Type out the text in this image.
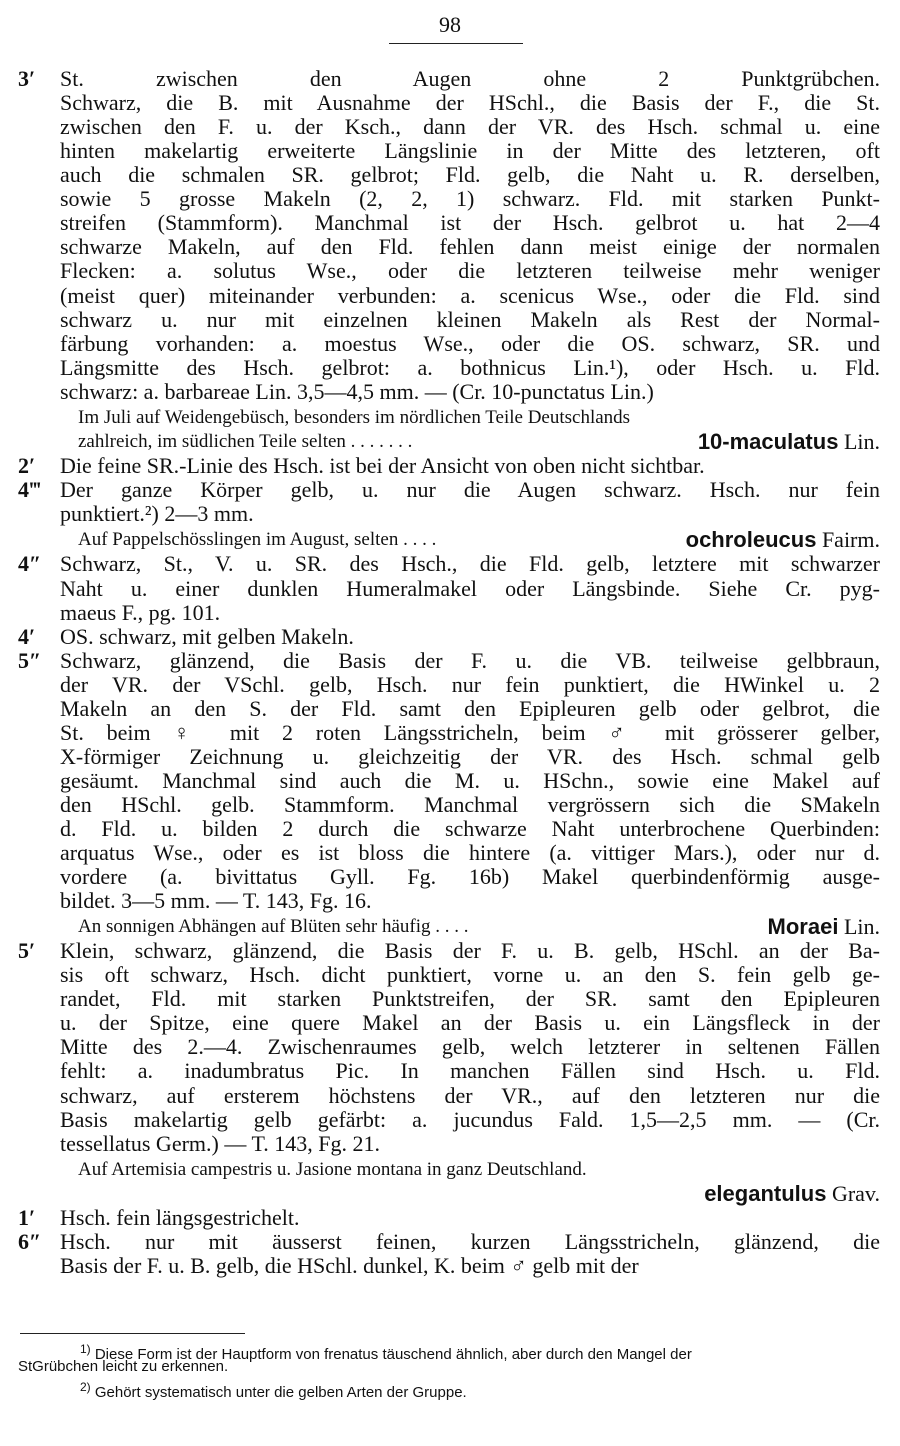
98
3′ St. zwischen den Augen ohne 2 Punktgrübchen.
Schwarz, die B. mit Ausnahme der HSchl., die Basis der F., die St.
zwischen den F. u. der Ksch., dann der VR. des Hsch. schmal u. eine
hinten makelartig erweiterte Längslinie in der Mitte des letzteren, oft
auch die schmalen SR. gelbrot; Fld. gelb, die Naht u. R. derselben,
sowie 5 grosse Makeln (2, 2, 1) schwarz. Fld. mit starken Punkt-
streifen (Stammform). Manchmal ist der Hsch. gelbrot u. hat 2—4
schwarze Makeln, auf den Fld. fehlen dann meist einige der normalen
Flecken: a. solutus Wse., oder die letzteren teilweise mehr weniger
(meist quer) miteinander verbunden: a. scenicus Wse., oder die Fld. sind
schwarz u. nur mit einzelnen kleinen Makeln als Rest der Normal-
färbung vorhanden: a. moestus Wse., oder die OS. schwarz, SR. und
Längsmitte des Hsch. gelbrot: a. bothnicus Lin.¹), oder Hsch. u. Fld.
schwarz: a. barbareae Lin. 3,5—4,5 mm. — (Cr. 10-punctatus Lin.)
Im Juli auf Weidengebüsch, besonders im nördlichen Teile Deutschlands
zahlreich, im südlichen Teile selten . . . . . . .	10-maculatus Lin.
2′ Die feine SR.-Linie des Hsch. ist bei der Ansicht von oben nicht sichtbar.
4‴ Der ganze Körper gelb, u. nur die Augen schwarz. Hsch. nur fein
punktiert.²) 2—3 mm.
Auf Pappelschösslingen im August, selten . . . .	ochroleucus Fairm.
4″ Schwarz, St., V. u. SR. des Hsch., die Fld. gelb, letztere mit schwarzer
Naht u. einer dunklen Humeralmakel oder Längsbinde. Siehe Cr. pyg-
maeus F., pg. 101.
4′ OS. schwarz, mit gelben Makeln.
5″ Schwarz, glänzend, die Basis der F. u. die VB. teilweise gelbbraun,
der VR. der VSchl. gelb, Hsch. nur fein punktiert, die HWinkel u. 2
Makeln an den S. der Fld. samt den Epipleuren gelb oder gelbrot, die
St. beim ♀ mit 2 roten Längsstricheln, beim ♂ mit grösserer gelber,
X-förmiger Zeichnung u. gleichzeitig der VR. des Hsch. schmal gelb
gesäumt. Manchmal sind auch die M. u. HSchn., sowie eine Makel auf
den HSchl. gelb. Stammform. Manchmal vergrössern sich die SMakeln
d. Fld. u. bilden 2 durch die schwarze Naht unterbrochene Querbinden:
arquatus Wse., oder es ist bloss die hintere (a. vittiger Mars.), oder nur d.
vordere (a. bivittatus Gyll. Fg. 16b) Makel querbindenförmig ausge-
bildet. 3—5 mm. — T. 143, Fg. 16.
An sonnigen Abhängen auf Blüten sehr häufig . . . .	Moraei Lin.
5′ Klein, schwarz, glänzend, die Basis der F. u. B. gelb, HSchl. an der Ba-
sis oft schwarz, Hsch. dicht punktiert, vorne u. an den S. fein gelb ge-
randet, Fld. mit starken Punktstreifen, der SR. samt den Epipleuren
u. der Spitze, eine quere Makel an der Basis u. ein Längsfleck in der
Mitte des 2.—4. Zwischenraumes gelb, welch letzterer in seltenen Fällen
fehlt: a. inadumbratus Pic. In manchen Fällen sind Hsch. u. Fld.
schwarz, auf ersterem höchstens der VR., auf den letzteren nur die
Basis makelartig gelb gefärbt: a. jucundus Fald. 1,5—2,5 mm. — (Cr.
tessellatus Germ.) — T. 143, Fg. 21.
Auf Artemisia campestris u. Jasione montana in ganz Deutschland.
elegantulus Grav.
1′ Hsch. fein längsgestrichelt.
6″ Hsch. nur mit äusserst feinen, kurzen Längsstricheln, glänzend, die
Basis der F. u. B. gelb, die HSchl. dunkel, K. beim ♂ gelb mit der
$^{1)}$ Diese Form ist der Hauptform von frenatus täuschend ähnlich, aber durch den Mangel der
StGrübchen leicht zu erkennen.
$^{2)}$ Gehört systematisch unter die gelben Arten der Gruppe.
